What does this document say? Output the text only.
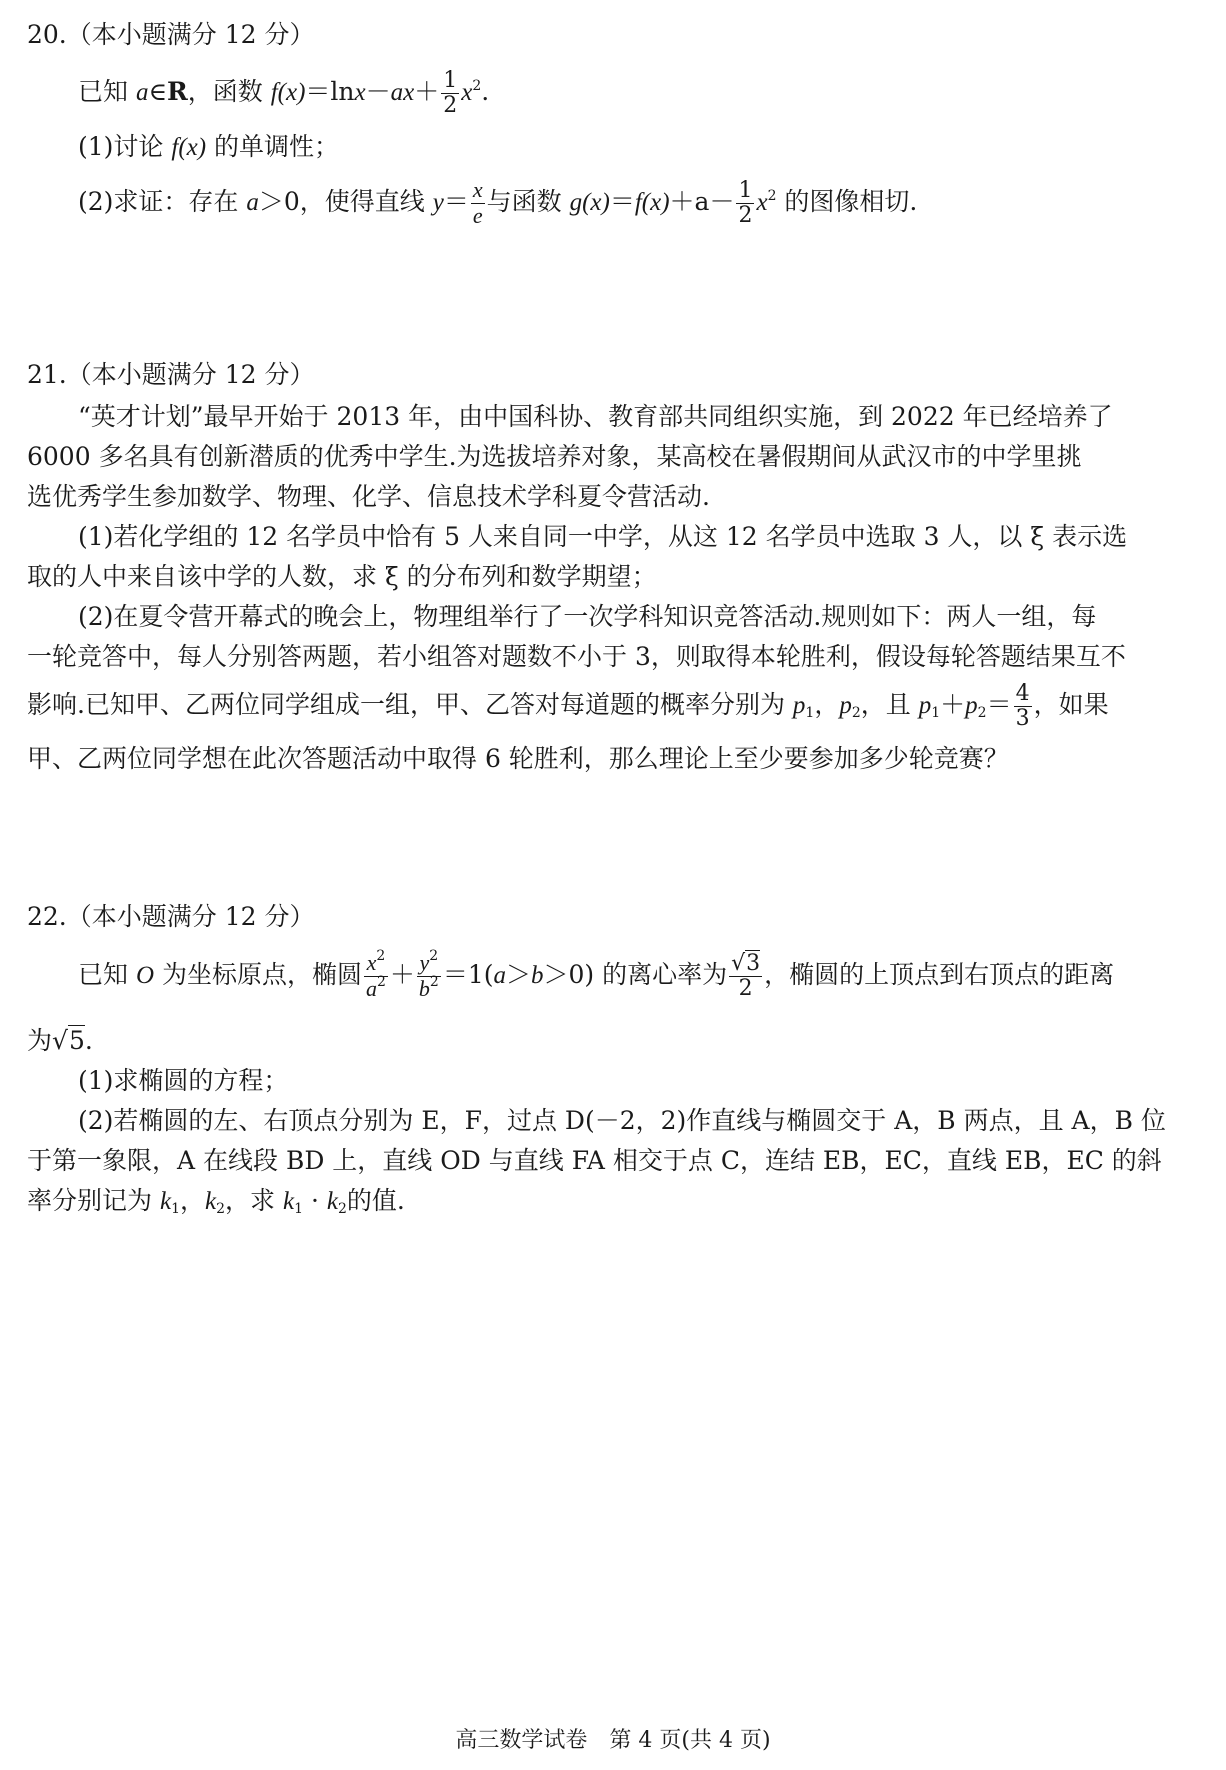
20.（本小题满分 12 分）
已知 a∈R，函数 $f(x)=\ln x-ax+ \frac{1}{2} x^2$.
(1)讨论 f(x) 的单调性；
(2)求证：存在 a＞0，使得直线 $y= \frac{x}{e}$ 与函数 $g(x)=f(x)+a- \frac{1}{2} x^2$ 的图像相切.
21.（本小题满分 12 分）
“英才计划”最早开始于 2013 年，由中国科协、教育部共同组织实施，到 2022 年已经培养了
6000 多名具有创新潜质的优秀中学生.为选拔培养对象，某高校在暑假期间从武汉市的中学里挑
选优秀学生参加数学、物理、化学、信息技术学科夏令营活动.
(1)若化学组的 12 名学员中恰有 5 人来自同一中学，从这 12 名学员中选取 3 人，以 ξ 表示选
取的人中来自该中学的人数，求 ξ 的分布列和数学期望；
(2)在夏令营开幕式的晚会上，物理组举行了一次学科知识竞答活动.规则如下：两人一组，每
一轮竞答中，每人分别答两题，若小组答对题数不小于 3，则取得本轮胜利，假设每轮答题结果互不
影响.已知甲、乙两位同学组成一组，甲、乙答对每道题的概率分别为 $p_1$，$p_2$，且 $p_1+p_2= \frac{4}{3}$ ，如果
甲、乙两位同学想在此次答题活动中取得 6 轮胜利，那么理论上至少要参加多少轮竞赛？
22.（本小题满分 12 分）
已知 O 为坐标原点，椭圆 $\frac{x^2}{a^2} + \frac{y^2}{b^2} =1(a>b>0)$ 的离心率为 $\frac{√3}{2}$ ，椭圆的上顶点到右顶点的距离
为√5.
(1)求椭圆的方程；
(2)若椭圆的左、右顶点分别为 E，F，过点 D(－2，2)作直线与椭圆交于 A，B 两点，且 A，B 位
于第一象限，A 在线段 BD 上，直线 OD 与直线 FA 相交于点 C，连结 EB，EC，直线 EB，EC 的斜
率分别记为 $k_1$，$k_2$，求 $k_1 \cdot k_2$的值.
高三数学试卷　第 4 页(共 4 页)
